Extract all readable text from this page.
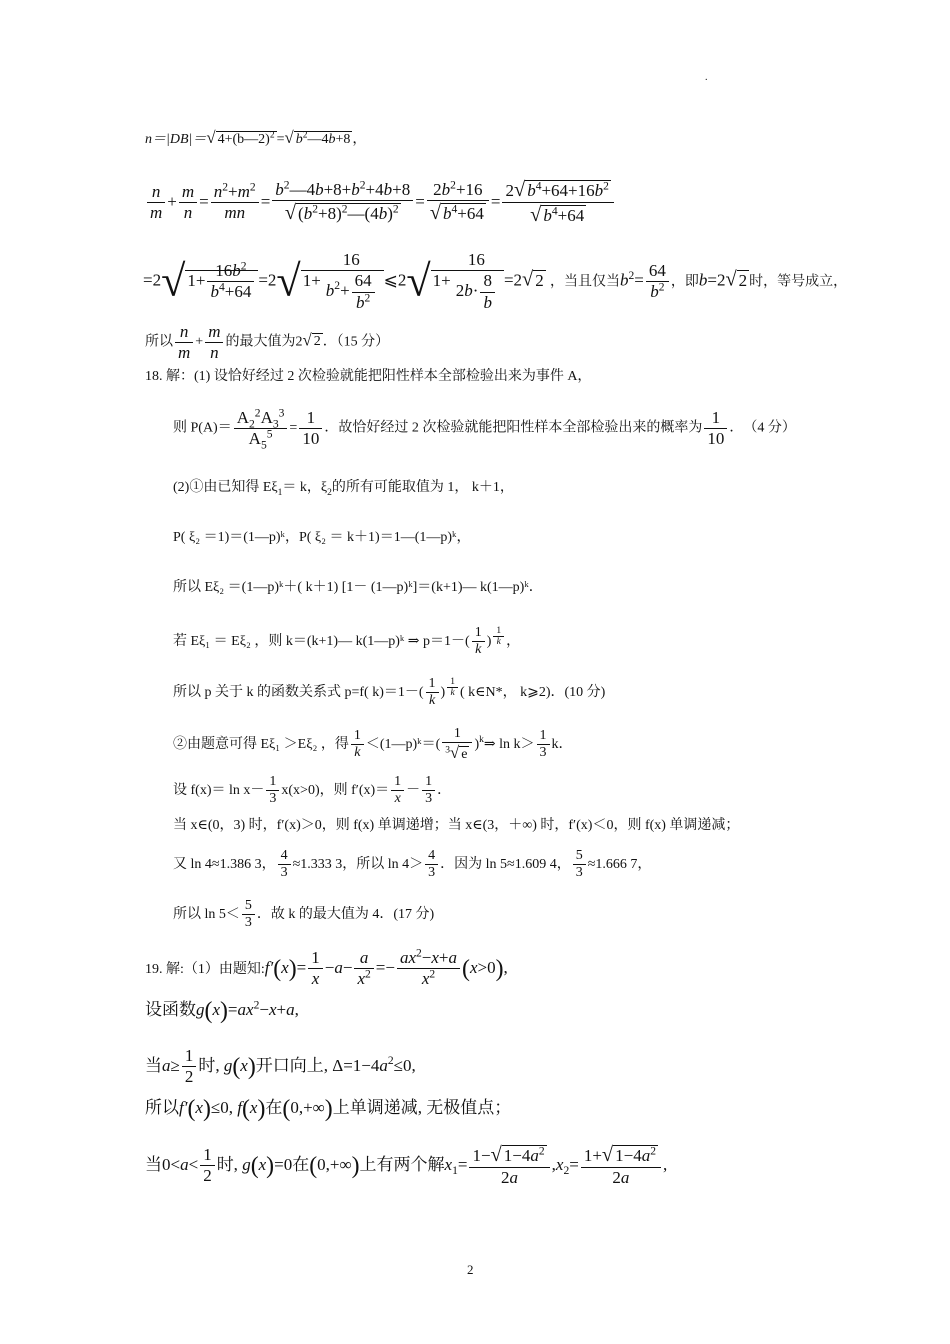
.
n＝|DB|＝√ 4+(b—2)$^2$ =√ $b^2—4b+8$ ，
$\frac{n}{m} + \frac{m}{n} = \frac{n^2+m^2}{mn} = \frac{b^2—4b+8+b^2+4b+8}{√ (b^2+8)^2—(4b)^2} = \frac{2b^2+16}{√ b^4+64} = \frac{2√ b^4+64+16b^2}{√ b^4+64}$
=2√ $1+ \frac{16b^2}{b^4+64} =2√$ $1+ \frac{16}{b^2+ \frac{64}{b^2}}$ ⩽2√ $1+ \frac{16}{2b\cdot \frac{8}{b}} =2√$ 2 ，当且仅当$b^2= \frac{64}{b^2}$ ，即b=2√ 2 时，等号成立，
所以 $\frac{n}{m} + \frac{m}{n}$ 的最大值为2√ 2 ．（15 分）
18. 解：(1) 设恰好经过 2 次检验就能把阳性样本全部检验出来为事件 A，
则 $P(A)= \frac{A_2^2A_3^3}{A_5^5} = \frac{1}{10}$ ．故恰好经过 2 次检验就能把阳性样本全部检验出来的概率为 $\frac{1}{10}$ ．　（4 分）
(2)①由已知得 $E\xi_1= k$，$\xi_2$的所有可能取值为 1， k＋1，
P( ξ₂ ＝1)＝(1—p)ᵏ，P( ξ₂ ＝ k＋1)＝1—(1—p)ᵏ，
所以 Eξ₂ ＝(1—p)ᵏ＋( k＋1) [1－ (1—p)ᵏ]＝(k+1)— k(1—p)ᵏ．
若 Eξ₁ ＝ Eξ₂ ，则 k＝(k+1)— k(1—p)ᵏ ⇒ $p=1-( \frac{1}{k}$ ) $^{\frac{1}{k}}$ ，
所以 p 关于 k 的函数关系式 p=f( $k)=1-( \frac{1}{k}$ ) $^{\frac{1}{k}}$ ( k∈N*， k⩾2)．(10 分)
②由题意可得 Eξ₁ ＞Eξ₂ ，得 $\frac{1}{k}$ ＜(1—p)ᵏ＝( $\frac{1}{^3√ e}$ )$^k$⇒ $\ln k> \frac{1}{3}$ k．
设 $f(x)= \ln x- \frac{1}{3} x(x>0)$，则 $f'(x)= \frac{1}{x} - \frac{1}{3}$ ．
当 x∈(0，3) 时，f′(x)＞0，则 f(x) 单调递增；当 x∈(3，＋∞) 时，f′(x)＜0，则 f(x) 单调递减；
又 ln 4≈1.386 3， $\frac{4}{3} \approx 1.333$ 3，所以 $\ln 4> \frac{4}{3}$ ．因为 ln 5≈1.609 4， $\frac{5}{3} \approx 1.666$ 7，
所以 $\ln 5< \frac{5}{3}$ ．故 k 的最大值为 4．(17 分)
19. 解:（1）由题知:f′(x)= $\frac{1}{x} -a- \frac{a}{x^2} =- \frac{ax^2-x+a}{x^2} (x>0)$,
设函数$g(x)=ax^2-x+a$,
当$a\ge \frac{1}{2}$ 时, g(x)开口向上, $\Delta=1-4a^2\le 0$,
所以f′(x)≤0, f(x)在(0,+∞)上单调递减, 无极值点；
当$0<a< \frac{1}{2}$ 时, g(x)=0在(0,+∞)上有两个解$x_1= \frac{1-√ 1-4a^2}{2a} ,x_2= \frac{1+√ 1-4a^2}{2a}$ ,
2
